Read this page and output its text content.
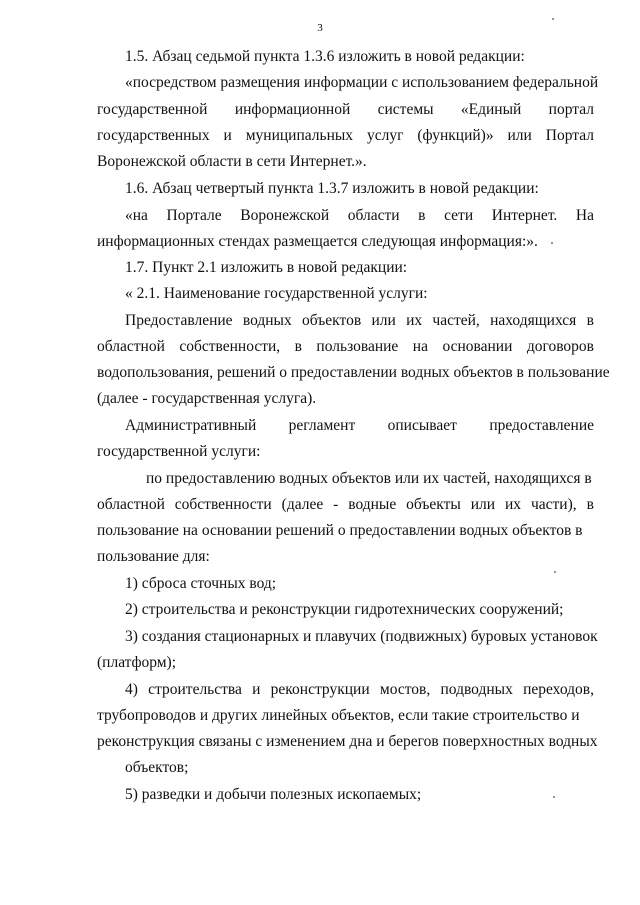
3
1.5. Абзац седьмой пункта 1.3.6 изложить в новой редакции:
«посредством размещения информации с использованием федеральной
государственной информационной системы «Единый портал
государственных и муниципальных услуг (функций)» или Портал
Воронежской области в сети Интернет.».
1.6. Абзац четвертый пункта 1.3.7 изложить в новой редакции:
«на Портале Воронежской области в сети Интернет. На
информационных стендах размещается следующая информация:».
1.7. Пункт 2.1 изложить в новой редакции:
« 2.1. Наименование государственной услуги:
Предоставление водных объектов или их частей, находящихся в
областной собственности, в пользование на основании договоров
водопользования, решений о предоставлении водных объектов в пользование
(далее - государственная услуга).
Административный регламент описывает предоставление
государственной услуги:
по предоставлению водных объектов или их частей, находящихся в
областной собственности (далее - водные объекты или их части), в
пользование на основании решений о предоставлении водных объектов в
пользование для:
1) сброса сточных вод;
2) строительства и реконструкции гидротехнических сооружений;
3) создания стационарных и плавучих (подвижных) буровых установок
(платформ);
4) строительства и реконструкции мостов, подводных переходов,
трубопроводов и других линейных объектов, если такие строительство и
реконструкция связаны с изменением дна и берегов поверхностных водных
объектов;
5) разведки и добычи полезных ископаемых;
